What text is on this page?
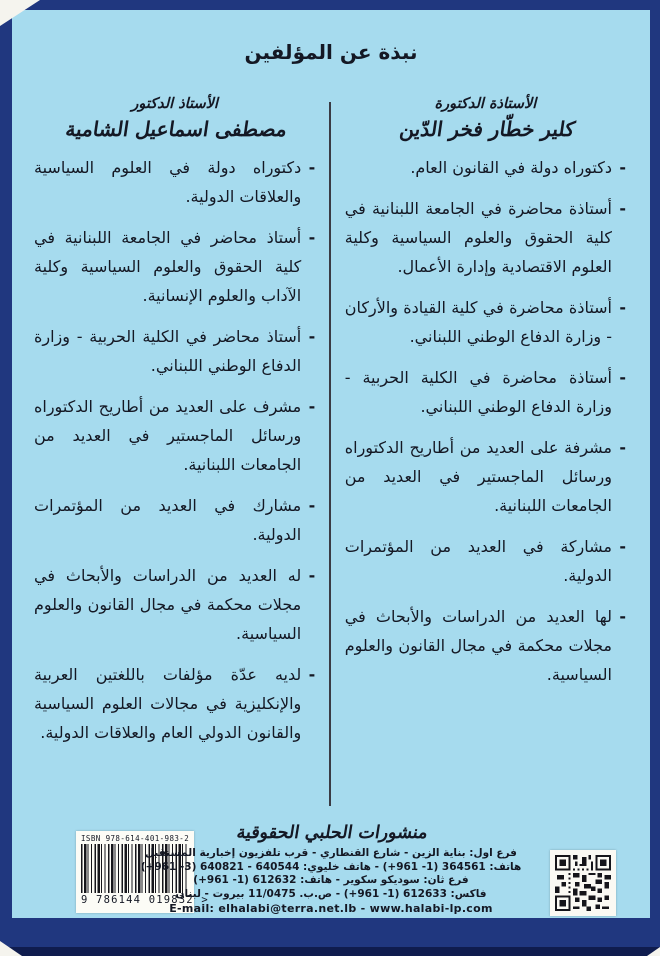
نبذة عن المؤلفين
الأستاذة الدكتورة
كلير خطّار فخر الدّين
-
دكتوراه دولة في القانون العام.
-
أستاذة محاضرة في الجامعة اللبنانية في كلية الحقوق والعلوم السياسية وكلية العلوم الاقتصادية وإدارة الأعمال.
-
أستاذة محاضرة في كلية القيادة والأركان - وزارة الدفاع الوطني اللبناني.
-
أستاذة محاضرة في الكلية الحربية - وزارة الدفاع الوطني اللبناني.
-
مشرفة على العديد من أطاريح الدكتوراه ورسائل الماجستير في العديد من الجامعات اللبنانية.
-
مشاركة في العديد من المؤتمرات الدولية.
-
لها العديد من الدراسات والأبحاث في مجلات محكمة في مجال القانون والعلوم السياسية.
الأستاذ الدكتور
مصطفى اسماعيل الشامية
-
دكتوراه دولة في العلوم السياسية والعلاقات الدولية.
-
أستاذ محاضر في الجامعة اللبنانية في كلية الحقوق والعلوم السياسية وكلية الآداب والعلوم الإنسانية.
-
أستاذ محاضر في الكلية الحربية - وزارة الدفاع الوطني اللبناني.
-
مشرف على العديد من أطاريح الدكتوراه ورسائل الماجستير في العديد من الجامعات اللبنانية.
-
مشارك في العديد من المؤتمرات الدولية.
-
له العديد من الدراسات والأبحاث في مجلات محكمة في مجال القانون والعلوم السياسية.
-
لديه عدّة مؤلفات باللغتين العربية والإنكليزية في مجالات العلوم السياسية والقانون الدولي العام والعلاقات الدولية.
ISBN 978-614-401-983-2
9 786144 019832 >
منشورات الحلبي الحقوقية
فرع اول: بناية الزين - شارع القنطاري - قرب تلفزيون إخبارية المستقبل
هاتف: 364561 (1- 961+) - هاتف خليوي: 640544 - 640821 (3- 961+)
فرع ثان: سوديكو سكوير - هاتف: 612632 (1- 961+)
فاكس: 612633 (1- 961+) - ص.ب. 11/0475 بيروت - لبنان
E-mail: elhalabi@terra.net.lb - www.halabi-lp.com
